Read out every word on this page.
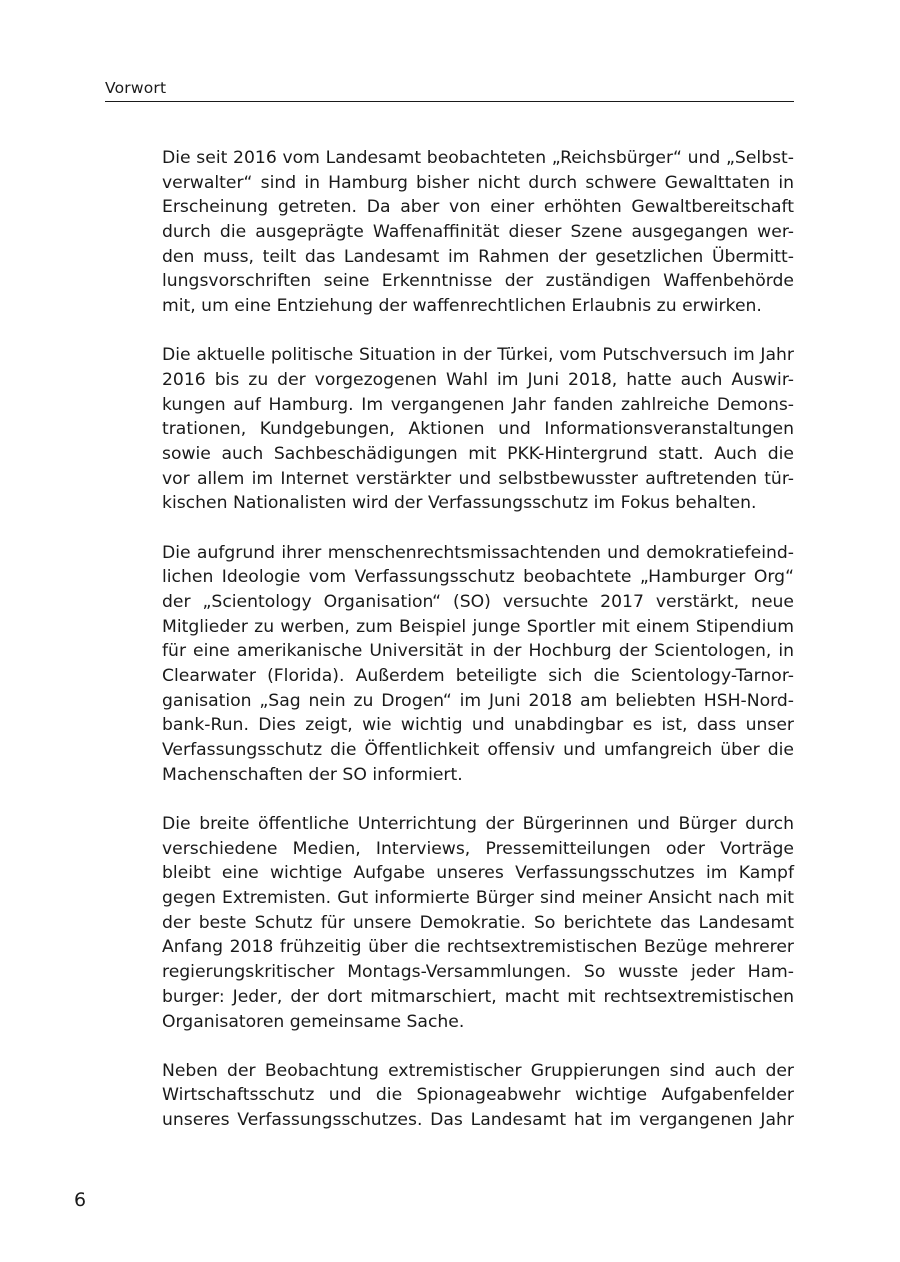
Vorwort

Die seit 2016 vom Landesamt beobachteten „Reichsbürger“ und „Selbst-
verwalter“ sind in Hamburg bisher nicht durch schwere Gewalttaten in
Erscheinung getreten. Da aber von einer erhöhten Gewaltbereitschaft
durch die ausgeprägte Waffenaffinität dieser Szene ausgegangen wer-
den muss, teilt das Landesamt im Rahmen der gesetzlichen Übermitt-
lungsvorschriften seine Erkenntnisse der zuständigen Waffenbehörde
mit, um eine Entziehung der waffenrechtlichen Erlaubnis zu erwirken.

Die aktuelle politische Situation in der Türkei, vom Putschversuch im Jahr
2016 bis zu der vorgezogenen Wahl im Juni 2018, hatte auch Auswir-
kungen auf Hamburg. Im vergangenen Jahr fanden zahlreiche Demons-
trationen, Kundgebungen, Aktionen und Informationsveranstaltungen
sowie auch Sachbeschädigungen mit PKK-Hintergrund statt. Auch die
vor allem im Internet verstärkter und selbstbewusster auftretenden tür-
kischen Nationalisten wird der Verfassungsschutz im Fokus behalten.

Die aufgrund ihrer menschenrechtsmissachtenden und demokratiefeind-
lichen Ideologie vom Verfassungsschutz beobachtete „Hamburger Org“
der „Scientology Organisation“ (SO) versuchte 2017 verstärkt, neue
Mitglieder zu werben, zum Beispiel junge Sportler mit einem Stipendium
für eine amerikanische Universität in der Hochburg der Scientologen, in
Clearwater (Florida). Außerdem beteiligte sich die Scientology-Tarnor-
ganisation „Sag nein zu Drogen“ im Juni 2018 am beliebten HSH-Nord-
bank-Run. Dies zeigt, wie wichtig und unabdingbar es ist, dass unser
Verfassungsschutz die Öffentlichkeit offensiv und umfangreich über die
Machenschaften der SO informiert.

Die breite öffentliche Unterrichtung der Bürgerinnen und Bürger durch
verschiedene Medien, Interviews, Pressemitteilungen oder Vorträge
bleibt eine wichtige Aufgabe unseres Verfassungsschutzes im Kampf
gegen Extremisten. Gut informierte Bürger sind meiner Ansicht nach mit
der beste Schutz für unsere Demokratie. So berichtete das Landesamt
Anfang 2018 frühzeitig über die rechtsextremistischen Bezüge mehrerer
regierungskritischer Montags-Versammlungen. So wusste jeder Ham-
burger: Jeder, der dort mitmarschiert, macht mit rechtsextremistischen
Organisatoren gemeinsame Sache.

Neben der Beobachtung extremistischer Gruppierungen sind auch der
Wirtschaftsschutz und die Spionageabwehr wichtige Aufgabenfelder
unseres Verfassungsschutzes. Das Landesamt hat im vergangenen Jahr

6
